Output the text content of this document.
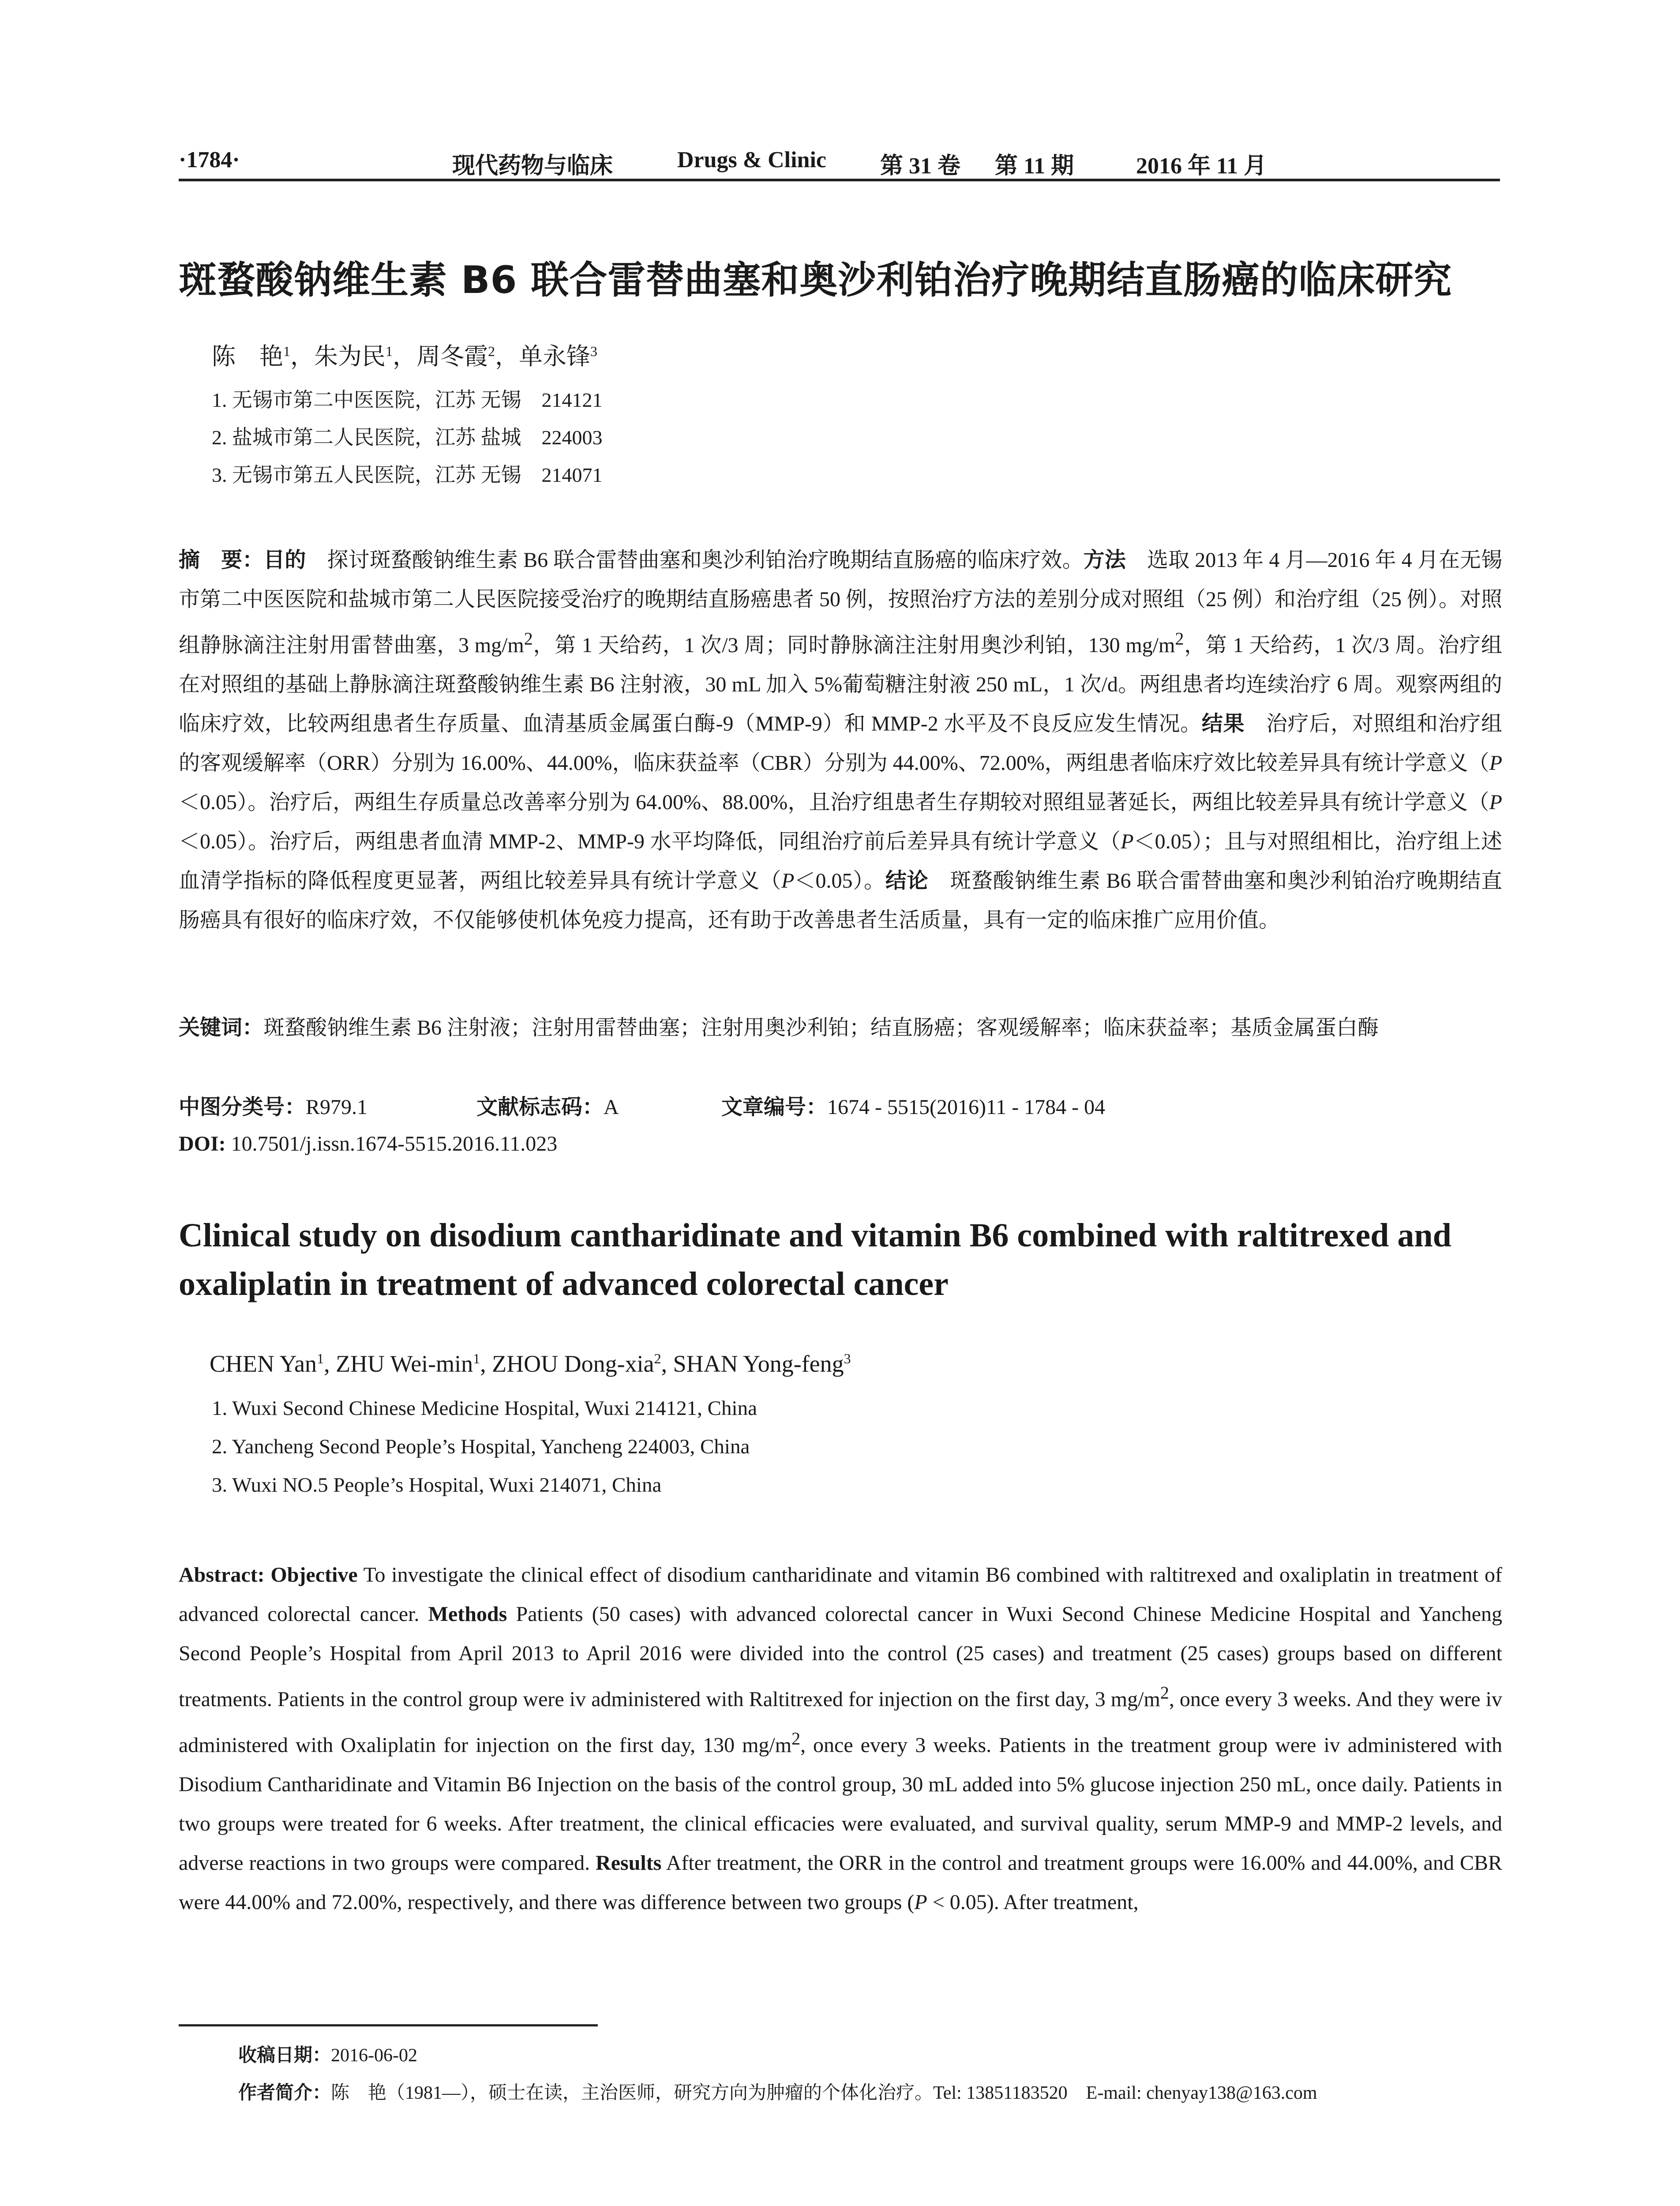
·1784·	现代药物与临床	Drugs & Clinic 第 31 卷 第 11 期	2016 年 11 月
斑蝥酸钠维生素 B6 联合雷替曲塞和奥沙利铂治疗晚期结直肠癌的临床研究
陈　艳$^1$，朱为民$^1$，周冬霞$^2$，单永锋$^3$
1. 无锡市第二中医医院，江苏 无锡　214121
2. 盐城市第二人民医院，江苏 盐城　224003
3. 无锡市第五人民医院，江苏 无锡　214071
摘　要：目的　探讨斑蝥酸钠维生素 B6 联合雷替曲塞和奥沙利铂治疗晚期结直肠癌的临床疗效。方法　选取 2013 年 4 月—2016 年 4 月在无锡市第二中医医院和盐城市第二人民医院接受治疗的晚期结直肠癌患者 50 例，按照治疗方法的差别分成对照组（25 例）和治疗组（25 例）。对照组静脉滴注注射用雷替曲塞，3 $mg/m^2$，第 1 天给药，1 次/3 周；同时静脉滴注注射用奥沙利铂，130 $mg/m^2$，第 1 天给药，1 次/3 周。治疗组在对照组的基础上静脉滴注斑蝥酸钠维生素 B6 注射液，30 mL 加入 5%葡萄糖注射液 250 mL，1 次/d。两组患者均连续治疗 6 周。观察两组的临床疗效，比较两组患者生存质量、血清基质金属蛋白酶-9（MMP-9）和 MMP-2 水平及不良反应发生情况。结果　治疗后，对照组和治疗组的客观缓解率（ORR）分别为 16.00%、44.00%，临床获益率（CBR）分别为 44.00%、72.00%，两组患者临床疗效比较差异具有统计学意义（P＜0.05）。治疗后，两组生存质量总改善率分别为 64.00%、88.00%，且治疗组患者生存期较对照组显著延长，两组比较差异具有统计学意义（P＜0.05）。治疗后，两组患者血清 MMP-2、MMP-9 水平均降低，同组治疗前后差异具有统计学意义（P＜0.05）；且与对照组相比，治疗组上述血清学指标的降低程度更显著，两组比较差异具有统计学意义（P＜0.05）。结论　斑蝥酸钠维生素 B6 联合雷替曲塞和奥沙利铂治疗晚期结直肠癌具有很好的临床疗效，不仅能够使机体免疫力提高，还有助于改善患者生活质量，具有一定的临床推广应用价值。
关键词：斑蝥酸钠维生素 B6 注射液；注射用雷替曲塞；注射用奥沙利铂；结直肠癌；客观缓解率；临床获益率；基质金属蛋白酶
中图分类号：R979.1	文献标志码：A	文章编号：1674 - 5515(2016)11 - 1784 - 04
DOI: 10.7501/j.issn.1674-5515.2016.11.023
Clinical study on disodium cantharidinate and vitamin B6 combined with raltitrexed and oxaliplatin in treatment of advanced colorectal cancer
CHEN Yan$^1$, ZHU Wei-$\min^1$, ZHOU Dong-xia$^2$, SHAN Yong-feng$^3$
1. Wuxi Second Chinese Medicine Hospital, Wuxi 214121, China
2. Yancheng Second People’s Hospital, Yancheng 224003, China
3. Wuxi NO.5 People’s Hospital, Wuxi 214071, China
Abstract: Objective To investigate the clinical effect of disodium cantharidinate and vitamin B6 combined with raltitrexed and oxaliplatin in treatment of advanced colorectal cancer. Methods Patients (50 cases) with advanced colorectal cancer in Wuxi Second Chinese Medicine Hospital and Yancheng Second People’s Hospital from April 2013 to April 2016 were divided into the control (25 cases) and treatment (25 cases) groups based on different treatments. Patients in the control group were iv administered with Raltitrexed for injection on the first day, 3 $mg/m^2$, once every 3 weeks. And they were iv administered with Oxaliplatin for injection on the first day, 130 $mg/m^2$, once every 3 weeks. Patients in the treatment group were iv administered with Disodium Cantharidinate and Vitamin B6 Injection on the basis of the control group, 30 mL added into 5% glucose injection 250 mL, once daily. Patients in two groups were treated for 6 weeks. After treatment, the clinical efficacies were evaluated, and survival quality, serum MMP-9 and MMP-2 levels, and adverse reactions in two groups were compared. Results After treatment, the ORR in the control and treatment groups were 16.00% and 44.00%, and CBR were 44.00% and 72.00%, respectively, and there was difference between two groups (P < 0.05). After treatment,
收稿日期：2016-06-02
作者简介：陈　艳（1981—），硕士在读，主治医师，研究方向为肿瘤的个体化治疗。Tel: 13851183520　E-mail: chenyay138@163.com
